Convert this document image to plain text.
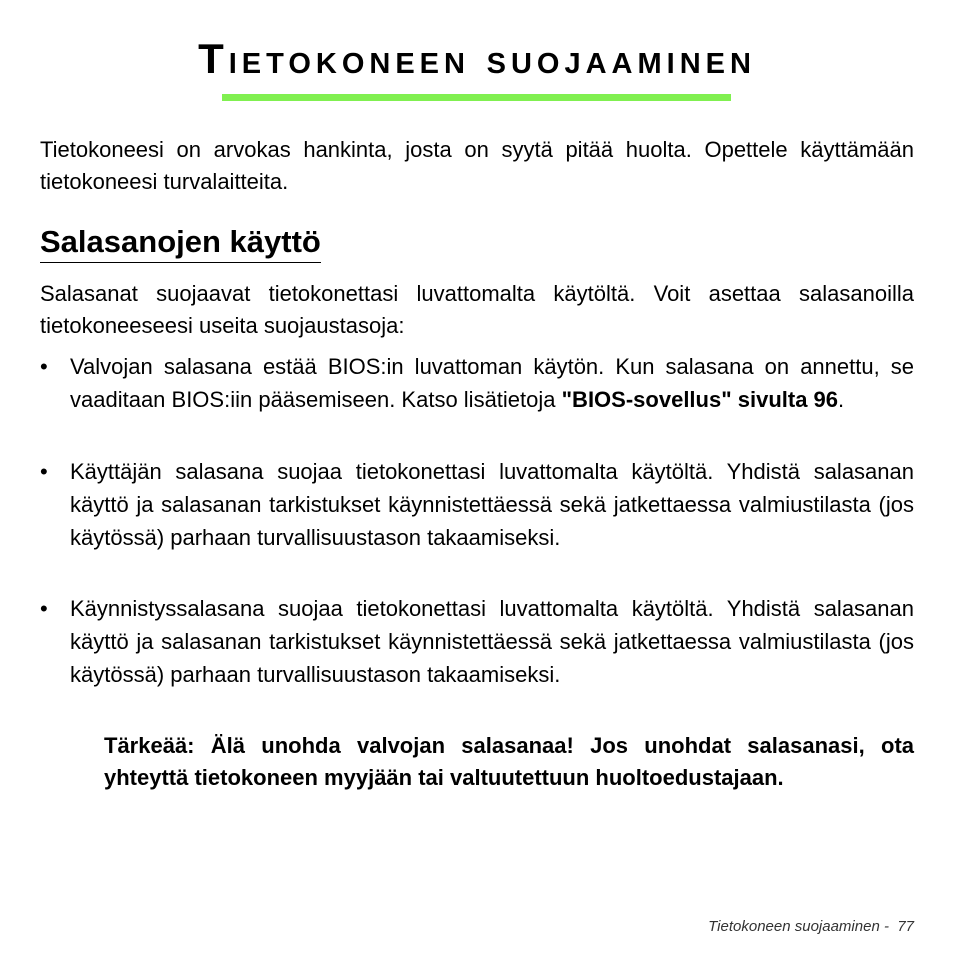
Tietokoneen suojaaminen

Tietokoneesi on arvokas hankinta, josta on syytä pitää huolta. Opettele käyttämään tietokoneesi turvalaitteita.

Salasanojen käyttö

Salasanat suojaavat tietokonettasi luvattomalta käytöltä. Voit asettaa salasanoilla tietokoneeseesi useita suojaustasoja:

•	Valvojan salasana estää BIOS:in luvattoman käytön. Kun salasana on annettu, se vaaditaan BIOS:iin pääsemiseen. Katso lisätietoja "BIOS-sovellus" sivulta 96.

•	Käyttäjän salasana suojaa tietokonettasi luvattomalta käytöltä. Yhdistä salasanan käyttö ja salasanan tarkistukset käynnistettäessä sekä jatkettaessa valmiustilasta (jos käytössä) parhaan turvallisuustason takaamiseksi.

•	Käynnistyssalasana suojaa tietokonettasi luvattomalta käytöltä. Yhdistä salasanan käyttö ja salasanan tarkistukset käynnistettäessä sekä jatkettaessa valmiustilasta (jos käytössä) parhaan turvallisuustason takaamiseksi.

Tärkeää: Älä unohda valvojan salasanaa! Jos unohdat salasanasi, ota yhteyttä tietokoneen myyjään tai valtuutettuun huoltoedustajaan.

Tietokoneen suojaaminen - 77
